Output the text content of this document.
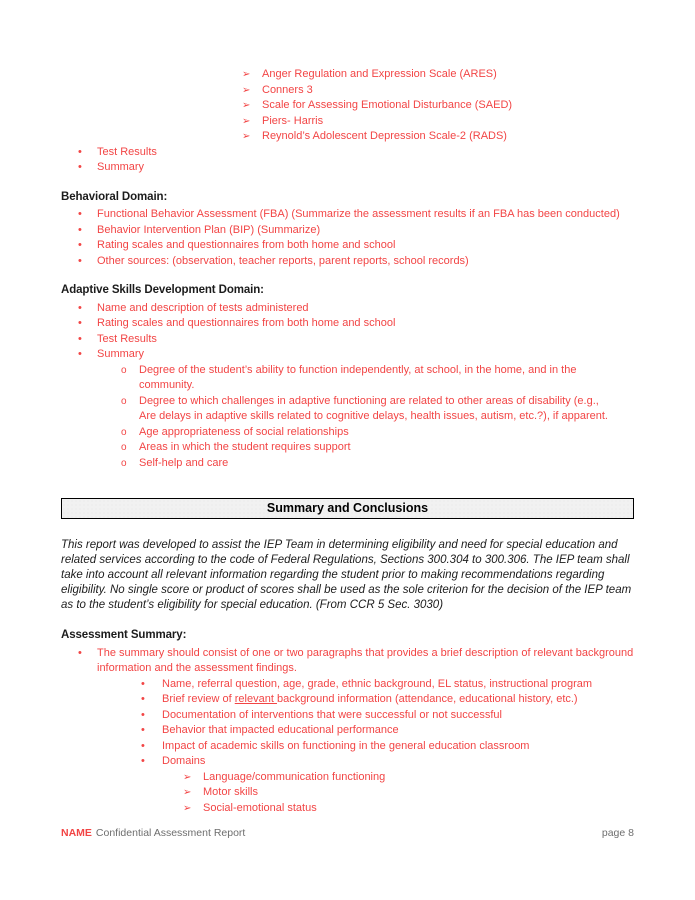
➢	Anger Regulation and Expression Scale (ARES)
➢	Conners 3
➢	Scale for Assessing Emotional Disturbance (SAED)
➢	Piers- Harris
➢	Reynold’s Adolescent Depression Scale-2 (RADS)
•	Test Results
•	Summary
Behavioral Domain:
•	Functional Behavior Assessment (FBA) (Summarize the assessment results if an FBA has been conducted)
•	Behavior Intervention Plan (BIP) (Summarize)
•	Rating scales and questionnaires from both home and school
•	Other sources: (observation, teacher reports, parent reports, school records)
Adaptive Skills Development Domain:
•	Name and description of tests administered
•	Rating scales and questionnaires from both home and school
•	Test Results
•	Summary
o	Degree of the student’s ability to function independently, at school, in the home, and in the community.
o	Degree to which challenges in adaptive functioning are related to other areas of disability (e.g., Are delays in adaptive skills related to cognitive delays, health issues, autism, etc.?), if apparent.
o	Age appropriateness of social relationships
o	Areas in which the student requires support
o	Self-help and care
Summary and Conclusions

This report was developed to assist the IEP Team in determining eligibility and need for special education and related services according to the code of Federal Regulations, Sections 300.304 to 300.306. The IEP team shall take into account all relevant information regarding the student prior to making recommendations regarding eligibility. No single score or product of scores shall be used as the sole criterion for the decision of the IEP team as to the student’s eligibility for special education. (From CCR 5 Sec. 3030)

Assessment Summary:
•	The summary should consist of one or two paragraphs that provides a brief description of relevant background information and the assessment findings.
•	Name, referral question, age, grade, ethnic background, EL status, instructional program
•	Brief review of relevant background information (attendance, educational history, etc.)
•	Documentation of interventions that were successful or not successful
•	Behavior that impacted educational performance
•	Impact of academic skills on functioning in the general education classroom
•	Domains
➢	Language/communication functioning
➢	Motor skills
➢	Social-emotional status
NAME Confidential Assessment Report	page 8
